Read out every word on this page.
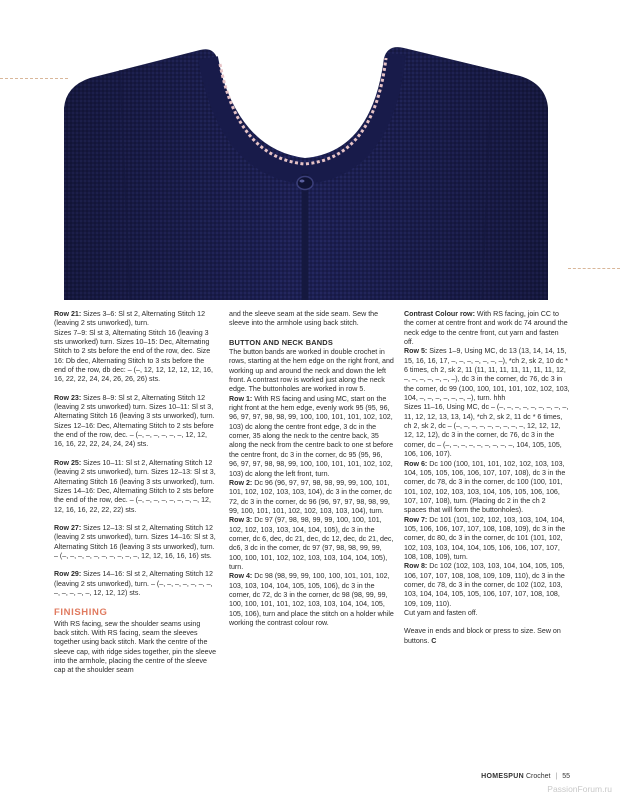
Row 21: Sizes 3–6: Sl st 2, Alternating Stitch 12 (leaving 2 sts unworked), turn.
Sizes 7–9: Sl st 3, Alternating Stitch 16 (leaving 3 sts unworked) turn. Sizes 10–15: Dec, Alternating Stitch to 2 sts before the end of the row, dec. Size 16: Db dec, Alternating Stitch to 3 sts before the end of the row, db dec: – (–, 12, 12, 12, 12, 12, 16, 16, 22, 22, 24, 24, 26, 26, 26) sts.

Row 23: Sizes 8–9: Sl st 2, Alternating Stitch 12 (leaving 2 sts unworked) turn. Sizes 10–11: Sl st 3, Alternating Stitch 16 (leaving 3 sts unworked), turn. Sizes 12–16: Dec, Alternating Stitch to 2 sts before the end of the row, dec. – (–, –, –, –, –, –, 12, 12, 16, 16, 22, 22, 24, 24, 24) sts.

Row 25: Sizes 10–11: Sl st 2, Alternating Stitch 12 (leaving 2 sts unworked), turn. Sizes 12–13: Sl st 3, Alternating Stitch 16 (leaving 3 sts unworked), turn. Sizes 14–16: Dec, Alternating Stitch to 2 sts before the end of the row, dec. – (–, –, –, –, –, –, –, –, 12, 12, 16, 16, 22, 22, 22) sts.

Row 27: Sizes 12–13: Sl st 2, Alternating Stitch 12 (leaving 2 sts unworked), turn. Sizes 14–16: Sl st 3, Alternating Stitch 16 (leaving 3 sts unworked), turn. – (–, –, –, –, –, –, –, –, –, –, 12, 12, 16, 16, 16) sts.

Row 29: Sizes 14–16: Sl st 2, Alternating Stitch 12 (leaving 2 sts unworked), turn. – (–, –, –, –, –, –, –, –, –, –, –, –, 12, 12, 12) sts.

FINISHING

With RS facing, sew the shoulder seams using back stitch. With RS facing, seam the sleeves together using back stitch. Mark the centre of the sleeve cap, with ridge sides together, pin the sleeve into the armhole, placing the centre of the sleeve cap at the shoulder seam

and the sleeve seam at the side seam. Sew the sleeve into the armhole using back stitch.

BUTTON AND NECK BANDS

The button bands are worked in double crochet in rows, starting at the hem edge on the right front, and working up and around the neck and down the left front. A contrast row is worked just along the neck edge. The buttonholes are worked in row 5.

Row 1: With RS facing and using MC, start on the right front at the hem edge, evenly work 95 (95, 96, 96, 97, 97, 98, 98, 99, 100, 100, 101, 101, 102, 102, 103) dc along the centre front edge, 3 dc in the corner, 35 along the neck to the centre back, 35 along the neck from the centre back to one st before the centre front, dc 3 in the corner, dc 95 (95, 96, 96, 97, 97, 98, 98, 99, 100, 100, 101, 101, 102, 102, 103) dc along the left front, turn.

Row 2: Dc 96 (96, 97, 97, 98, 98, 99, 99, 100, 101, 101, 102, 102, 103, 103, 104), dc 3 in the corner, dc 72, dc 3 in the corner, dc 96 (96, 97, 97, 98, 98, 99, 99, 100, 101, 101, 102, 102, 103, 103, 104), turn.

Row 3: Dc 97 (97, 98, 98, 99, 99, 100, 100, 101, 102, 102, 103, 103, 104, 104, 105), dc 3 in the corner, dc 6, dec, dc 21, dec, dc 12, dec, dc 21, dec, dc6, 3 dc in the corner, dc 97 (97, 98, 98, 99, 99, 100, 100, 101, 102, 102, 103, 103, 104, 104, 105), turn.

Row 4: Dc 98 (98, 99, 99, 100, 100, 101, 101, 102, 103, 103, 104, 104, 105, 105, 106), dc 3 in the corner, dc 72, dc 3 in the corner, dc 98 (98, 99, 99, 100, 100, 101, 101, 102, 103, 103, 104, 104, 105, 105, 106), turn and place the stitch on a holder while working the contrast colour row.

Contrast Colour row: With RS facing, join CC to the corner at centre front and work dc 74 around the neck edge to the centre front, cut yarn and fasten off.

Row 5: Sizes 1–9, Using MC, dc 13 (13, 14, 14, 15, 15, 16, 16, 17, –, –, –, –, –, –, –), *ch 2, sk 2, 10 dc * 6 times, ch 2, sk 2, 11 (11, 11, 11, 11, 11, 11, 11, 12, –, –, –, –, –, –, –), dc 3 in the corner, dc 76, dc 3 in the corner, dc 99 (100, 100, 101, 101, 102, 102, 103, 104, –, –, –, –, –, –, –), turn. hhh
Sizes 11–16, Using MC, dc – (–, –, –, –, –, –, –, –, –, 11, 12, 12, 13, 13, 14), *ch 2, sk 2, 11 dc * 6 times, ch 2, sk 2, dc – (–, –, –, –, –, –, –, –, –, 12, 12, 12, 12, 12, 12), dc 3 in the corner, dc 76, dc 3 in the corner, dc – (–, –, –, –, –, –, –, –, –, 104, 105, 105, 106, 106, 107).

Row 6: Dc 100 (100, 101, 101, 102, 102, 103, 103, 104, 105, 105, 106, 106, 107, 107, 108), dc 3 in the corner, dc 78, dc 3 in the corner, dc 100 (100, 101, 101, 102, 102, 103, 103, 104, 105, 105, 106, 106, 107, 107, 108), turn. (Placing dc 2 in the ch 2 spaces that will form the buttonholes).

Row 7: Dc 101 (101, 102, 102, 103, 103, 104, 104, 105, 106, 106, 107, 107, 108, 108, 109), dc 3 in the corner, dc 80, dc 3 in the corner, dc 101 (101, 102, 102, 103, 103, 104, 104, 105, 106, 106, 107, 107, 108, 108, 109), turn.

Row 8: Dc 102 (102, 103, 103, 104, 104, 105, 105, 106, 107, 107, 108, 108, 109, 109, 110), dc 3 in the corner, dc 78, dc 3 in the corner, dc 102 (102, 103, 103, 104, 104, 105, 105, 106, 107, 107, 108, 108, 109, 109, 110).
Cut yarn and fasten off.

Weave in ends and block or press to size. Sew on buttons. C

HOMESPUN Crochet | 55
PassionForum.ru
